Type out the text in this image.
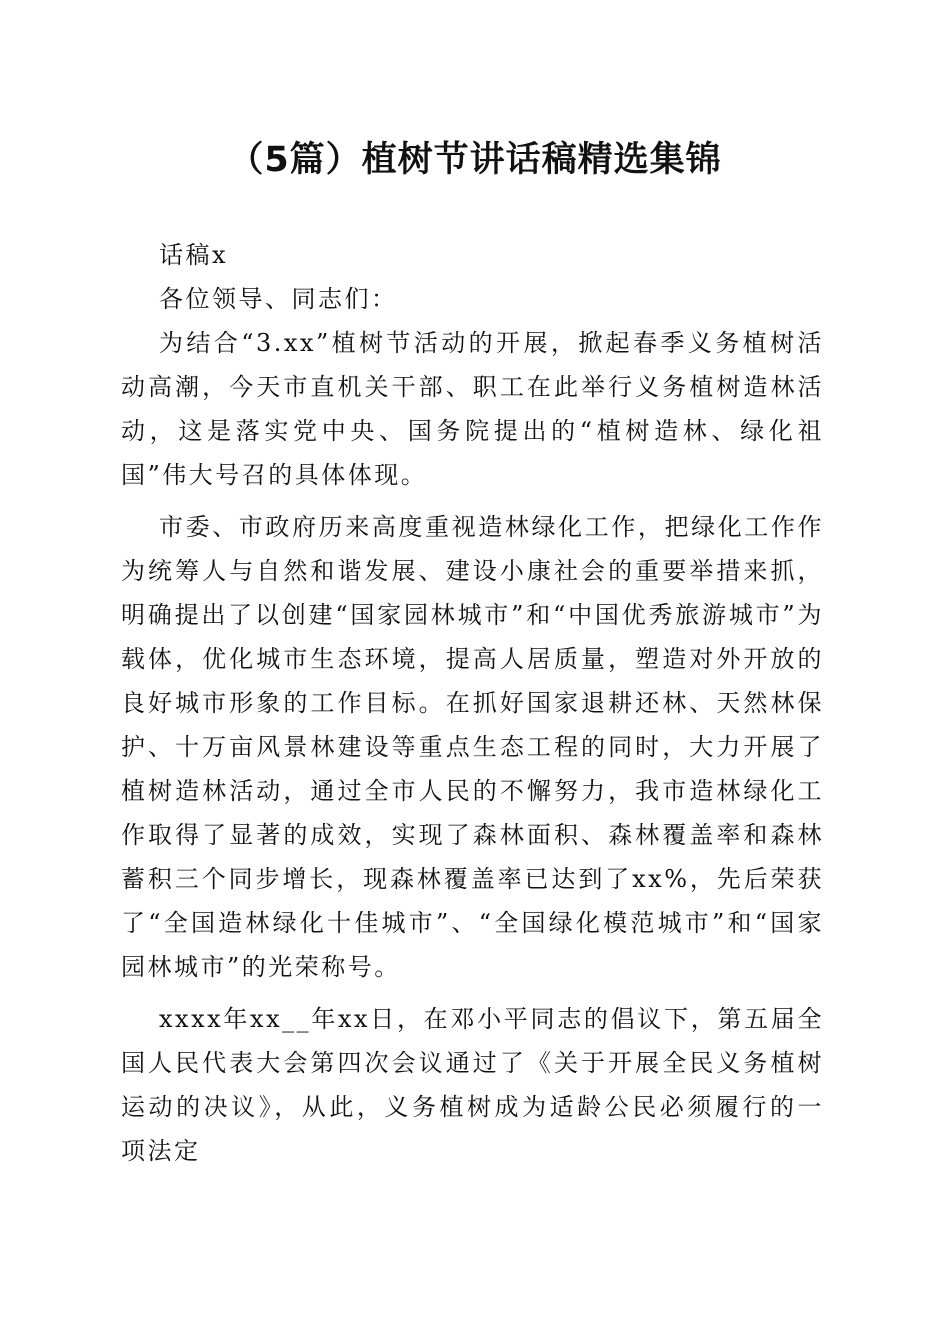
（5篇）植树节讲话稿精选集锦

话稿x

各位领导、同志们：

为结合“3.xx”植树节活动的开展，掀起春季义务植树活动高潮，今天市直机关干部、职工在此举行义务植树造林活动，这是落实党中央、国务院提出的“植树造林、绿化祖国”伟大号召的具体体现。

市委、市政府历来高度重视造林绿化工作，把绿化工作作为统筹人与自然和谐发展、建设小康社会的重要举措来抓，明确提出了以创建“国家园林城市”和“中国优秀旅游城市”为载体，优化城市生态环境，提高人居质量，塑造对外开放的良好城市形象的工作目标。在抓好国家退耕还林、天然林保护、十万亩风景林建设等重点生态工程的同时，大力开展了植树造林活动，通过全市人民的不懈努力，我市造林绿化工作取得了显著的成效，实现了森林面积、森林覆盖率和森林蓄积三个同步增长，现森林覆盖率已达到了xx%，先后荣获了“全国造林绿化十佳城市”、“全国绿化模范城市”和“国家园林城市”的光荣称号。

xxxx年xx__年xx日，在邓小平同志的倡议下，第五届全国人民代表大会第四次会议通过了《关于开展全民义务植树运动的决议》，从此，义务植树成为适龄公民必须履行的一项法定
